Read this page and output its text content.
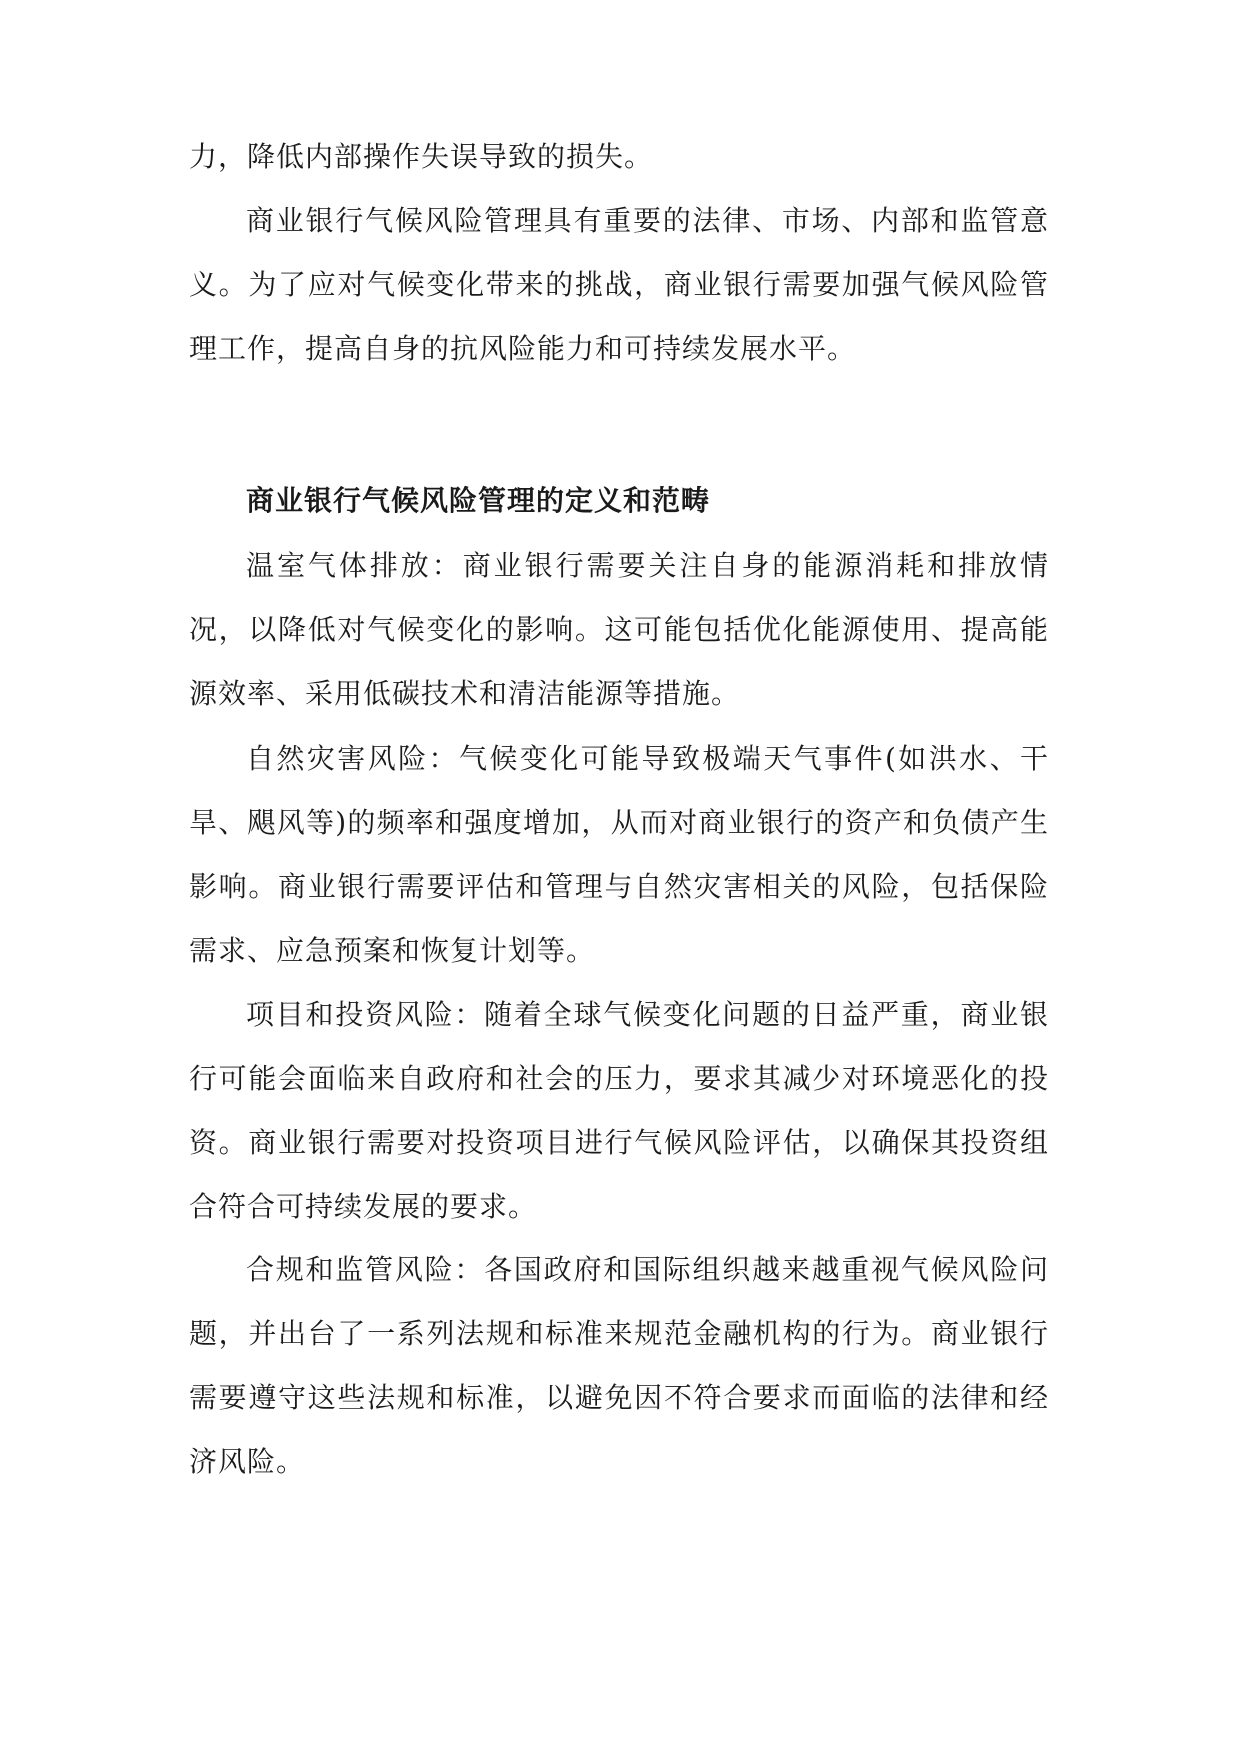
力，降低内部操作失误导致的损失。

商业银行气候风险管理具有重要的法律、市场、内部和监管意义。为了应对气候变化带来的挑战，商业银行需要加强气候风险管理工作，提高自身的抗风险能力和可持续发展水平。

商业银行气候风险管理的定义和范畴

温室气体排放：商业银行需要关注自身的能源消耗和排放情况，以降低对气候变化的影响。这可能包括优化能源使用、提高能源效率、采用低碳技术和清洁能源等措施。

自然灾害风险：气候变化可能导致极端天气事件(如洪水、干旱、飓风等)的频率和强度增加，从而对商业银行的资产和负债产生影响。商业银行需要评估和管理与自然灾害相关的风险，包括保险需求、应急预案和恢复计划等。

项目和投资风险：随着全球气候变化问题的日益严重，商业银行可能会面临来自政府和社会的压力，要求其减少对环境恶化的投资。商业银行需要对投资项目进行气候风险评估，以确保其投资组合符合可持续发展的要求。

合规和监管风险：各国政府和国际组织越来越重视气候风险问题，并出台了一系列法规和标准来规范金融机构的行为。商业银行需要遵守这些法规和标准，以避免因不符合要求而面临的法律和经济风险。
